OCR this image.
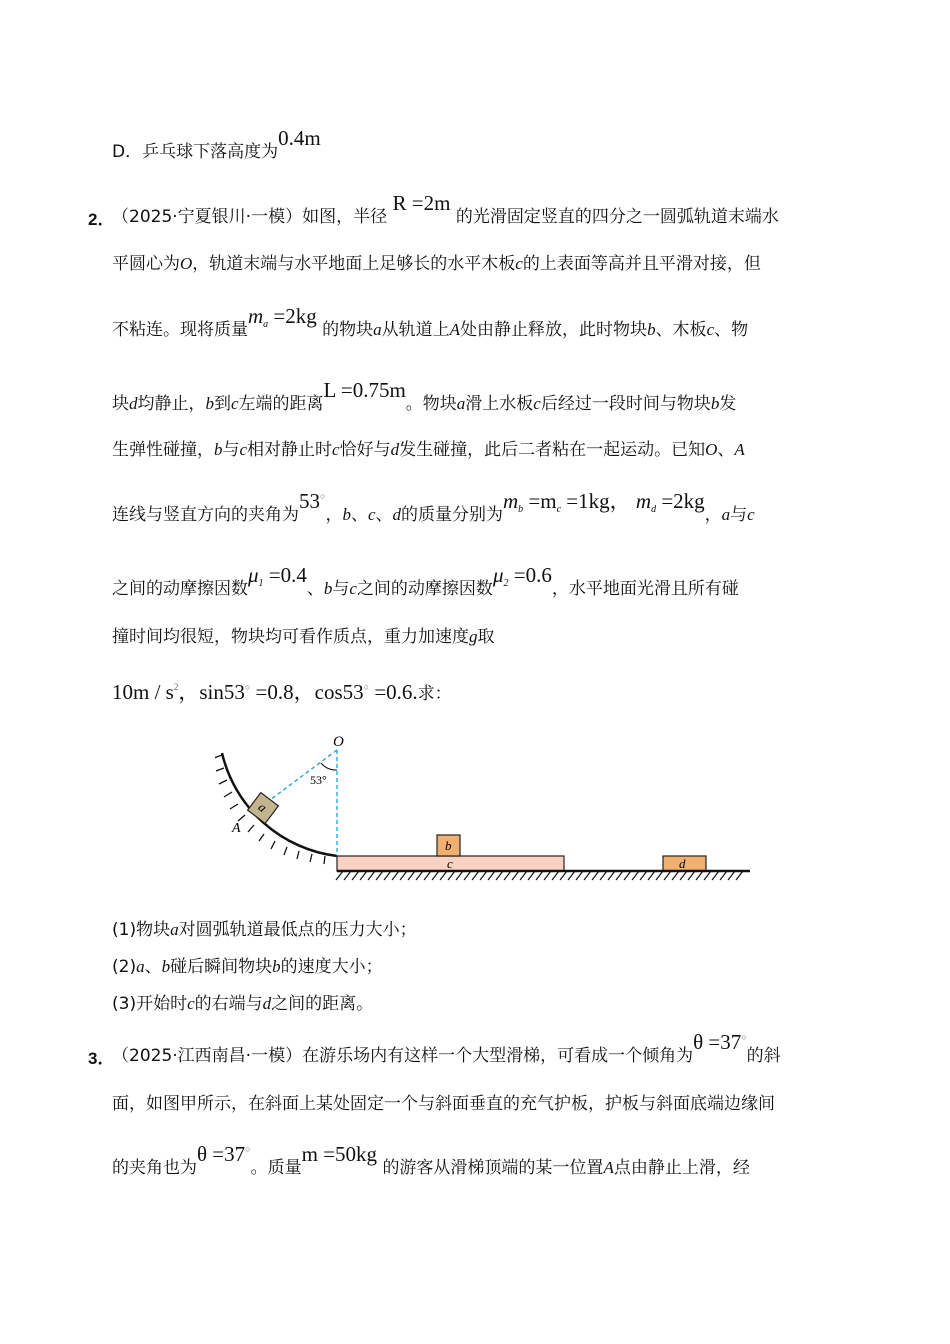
D．乒乓球下落高度为0.4m
2．
（2025·宁夏银川·一模）如图，半径 R =2m 的光滑固定竖直的四分之一圆弧轨道末端水
平圆心为O，轨道末端与水平地面上足够长的水平木板c的上表面等高并且平滑对接，但
不粘连。现将质量$m_a =2kg$ 的物块a从轨道上A处由静止释放，此时物块b、木板c、物
块d均静止，b到c左端的距离L =0.75m。物块a滑上水板c后经过一段时间与物块b发
生弹性碰撞，b与c相对静止时c恰好与d发生碰撞，此后二者粘在一起运动。已知O、A
连线与竖直方向的夹角为53○，b、c、d的质量分别为$m_b =m_c =1kg$， $m_d =2kg$，a与c
之间的动摩擦因数$\mu_1 =0.4$、b与c之间的动摩擦因数$\mu_2 =0.6$，水平地面光滑且所有碰
撞时间均很短，物块均可看作质点，重力加速度g取
$10m / s^2$，sin53○ =0.8，cos53○ =0.6.求：
O
53°
a
A
c
b
d
(1)物块a对圆弧轨道最低点的压力大小；
(2)a、b碰后瞬间物块b的速度大小；
(3)开始时c的右端与d之间的距离。
3．
（2025·江西南昌·一模）在游乐场内有这样一个大型滑梯，可看成一个倾角为θ =37○的斜
面，如图甲所示，在斜面上某处固定一个与斜面垂直的充气护板，护板与斜面底端边缘间
的夹角也为θ =37○。质量m =50kg 的游客从滑梯顶端的某一位置A点由静止上滑，经
